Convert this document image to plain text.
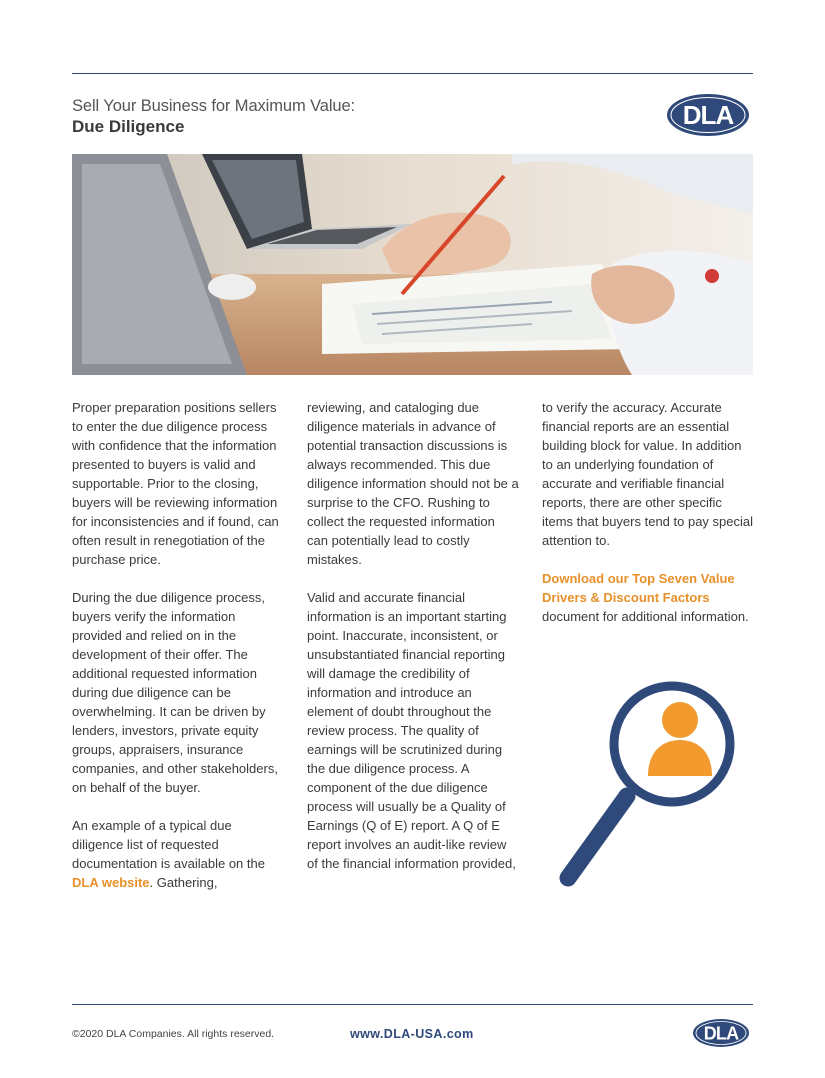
Sell Your Business for Maximum Value:
Due Diligence	DLA

Proper preparation positions sellers to enter the due diligence process with confidence that the information presented to buyers is valid and supportable. Prior to the closing, buyers will be reviewing information for inconsistencies and if found, can often result in renegotiation of the purchase price.

During the due diligence process, buyers verify the information provided and relied on in the development of their offer. The additional requested information during due diligence can be overwhelming. It can be driven by lenders, investors, private equity groups, appraisers, insurance companies, and other stakeholders, on behalf of the buyer.

An example of a typical due diligence list of requested documentation is available on the DLA website. Gathering,

reviewing, and cataloging due diligence materials in advance of potential transaction discussions is always recommended. This due diligence information should not be a surprise to the CFO. Rushing to collect the requested information can potentially lead to costly mistakes.

Valid and accurate financial information is an important starting point. Inaccurate, inconsistent, or unsubstantiated financial reporting will damage the credibility of information and introduce an element of doubt throughout the review process. The quality of earnings will be scrutinized during the due diligence process. A component of the due diligence process will usually be a Quality of Earnings (Q of E) report. A Q of E report involves an audit-like review of the financial information provided,

to verify the accuracy. Accurate financial reports are an essential building block for value. In addition to an underlying foundation of accurate and verifiable financial reports, there are other specific items that buyers tend to pay special attention to.

Download our Top Seven Value Drivers & Discount Factors document for additional information.

©2020 DLA Companies. All rights reserved.	www.DLA-USA.com	DLA
